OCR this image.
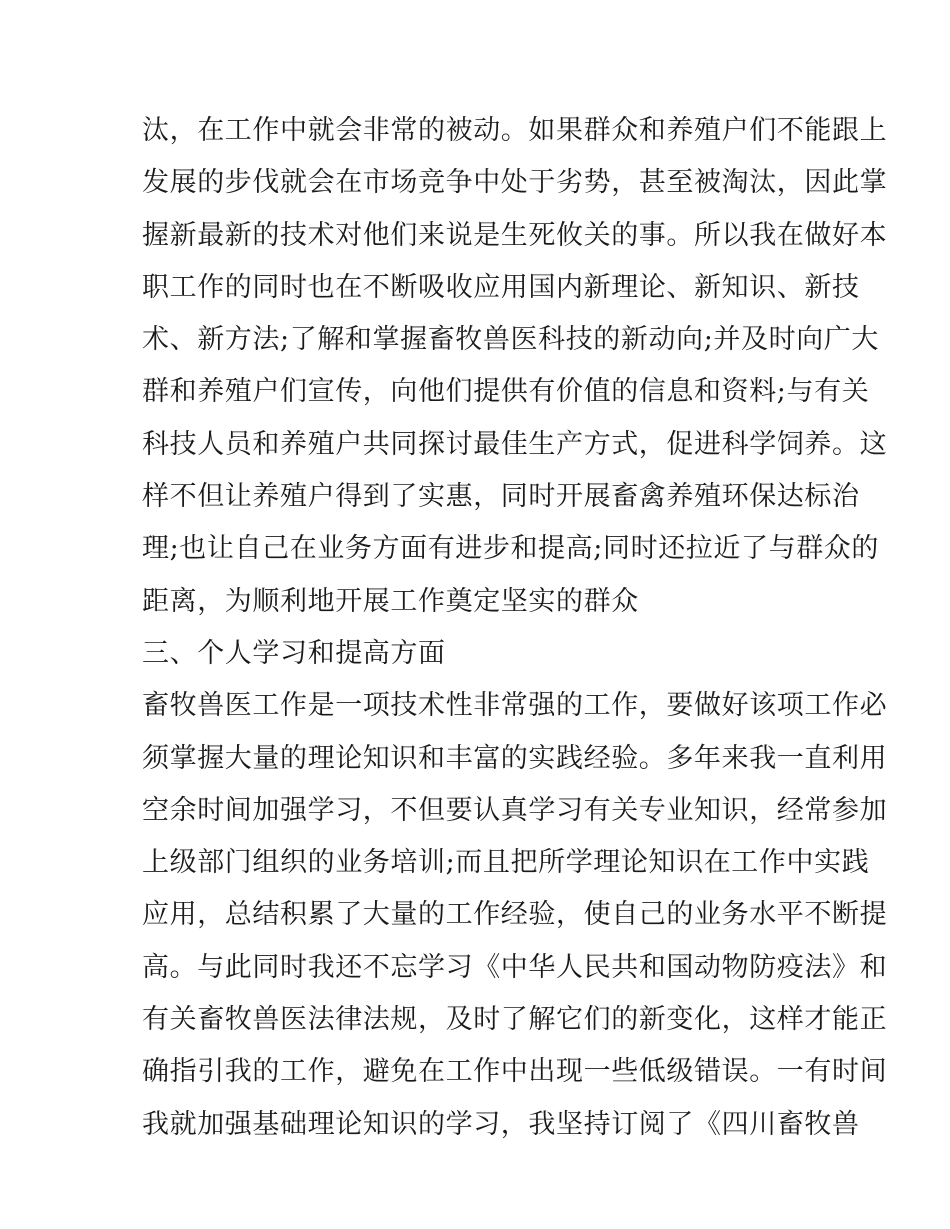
汰，在工作中就会非常的被动。如果群众和养殖户们不能跟上
发展的步伐就会在市场竞争中处于劣势，甚至被淘汰，因此掌
握新最新的技术对他们来说是生死攸关的事。所以我在做好本
职工作的同时也在不断吸收应用国内新理论、新知识、新技
术、新方法;了解和掌握畜牧兽医科技的新动向;并及时向广大
群和养殖户们宣传，向他们提供有价值的信息和资料;与有关
科技人员和养殖户共同探讨最佳生产方式，促进科学饲养。这
样不但让养殖户得到了实惠，同时开展畜禽养殖环保达标治
理;也让自己在业务方面有进步和提高;同时还拉近了与群众的
距离，为顺利地开展工作奠定坚实的群众
三、个人学习和提高方面
畜牧兽医工作是一项技术性非常强的工作，要做好该项工作必
须掌握大量的理论知识和丰富的实践经验。多年来我一直利用
空余时间加强学习，不但要认真学习有关专业知识，经常参加
上级部门组织的业务培训;而且把所学理论知识在工作中实践
应用，总结积累了大量的工作经验，使自己的业务水平不断提
高。与此同时我还不忘学习《中华人民共和国动物防疫法》和
有关畜牧兽医法律法规，及时了解它们的新变化，这样才能正
确指引我的工作，避免在工作中出现一些低级错误。一有时间
我就加强基础理论知识的学习，我坚持订阅了《四川畜牧兽
